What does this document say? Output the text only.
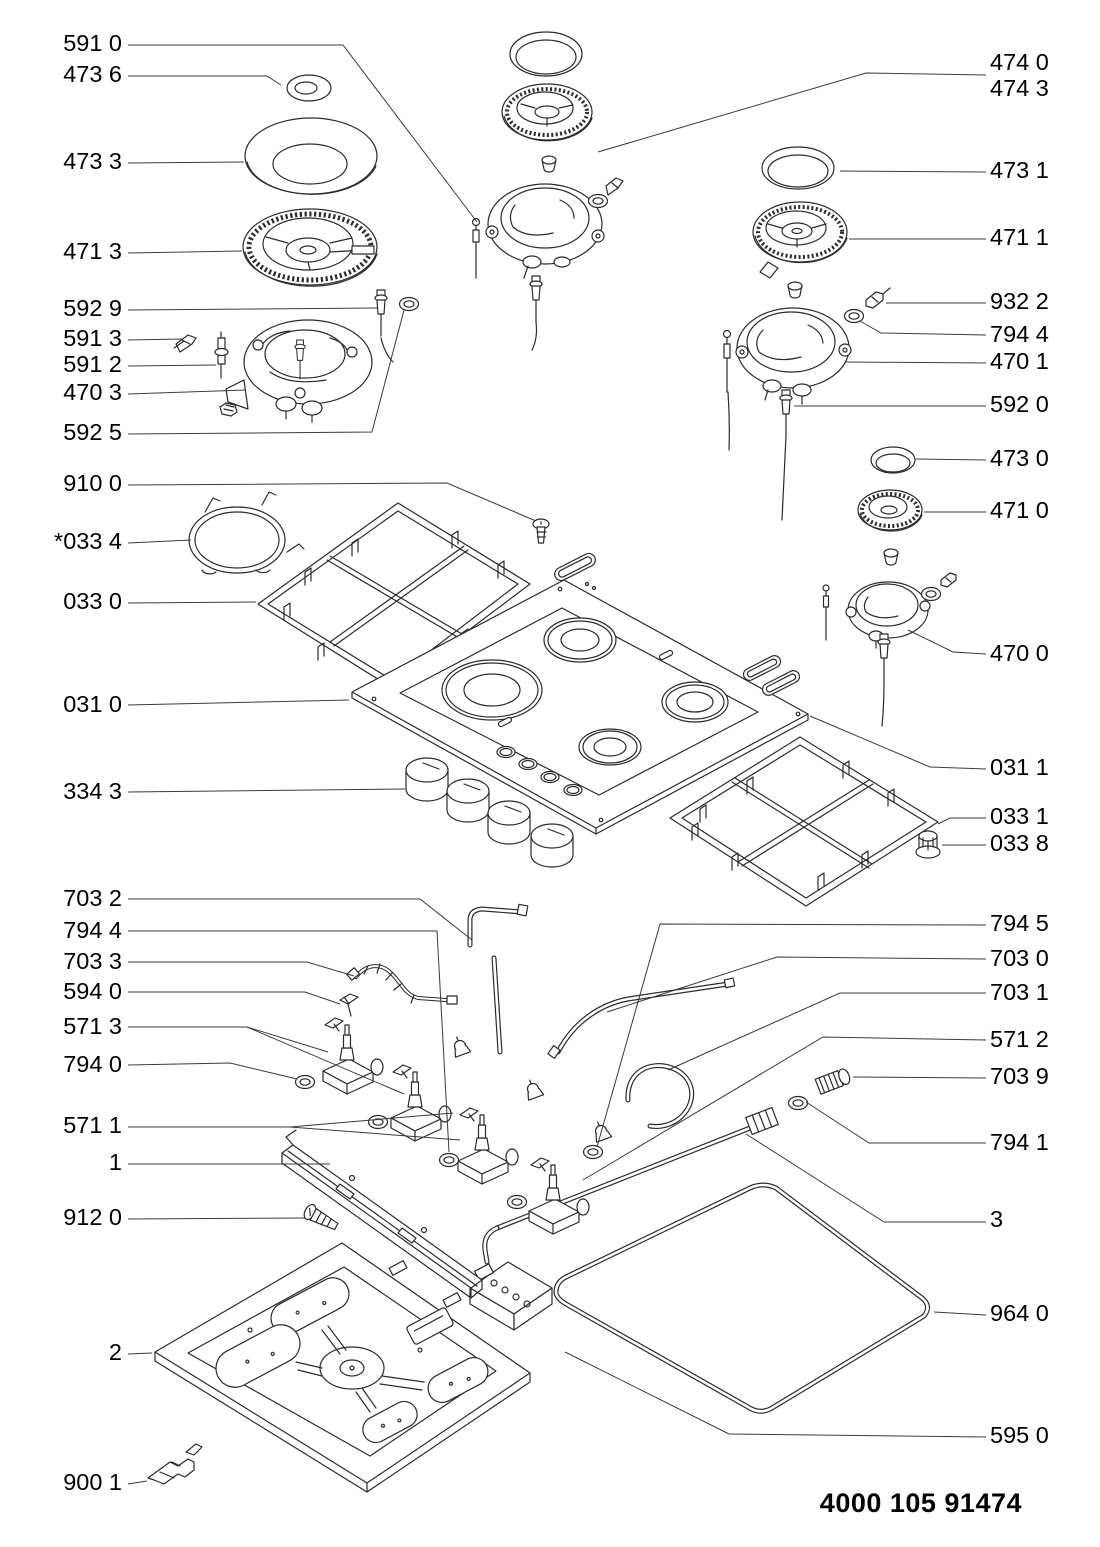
591 0
473 6
473 3
471 3
592 9
591 3
591 2
470 3
592 5
910 0
*033 4
033 0
031 0
334 3
703 2
794 4
703 3
594 0
571 3
794 0
571 1
1
912 0
2
900 1
474 0
474 3
473 1
471 1
932 2
794 4
470 1
592 0
473 0
471 0
470 0
031 1
033 1
033 8
794 5
703 0
703 1
571 2
703 9
794 1
3
964 0
595 0
4000 105 91474
